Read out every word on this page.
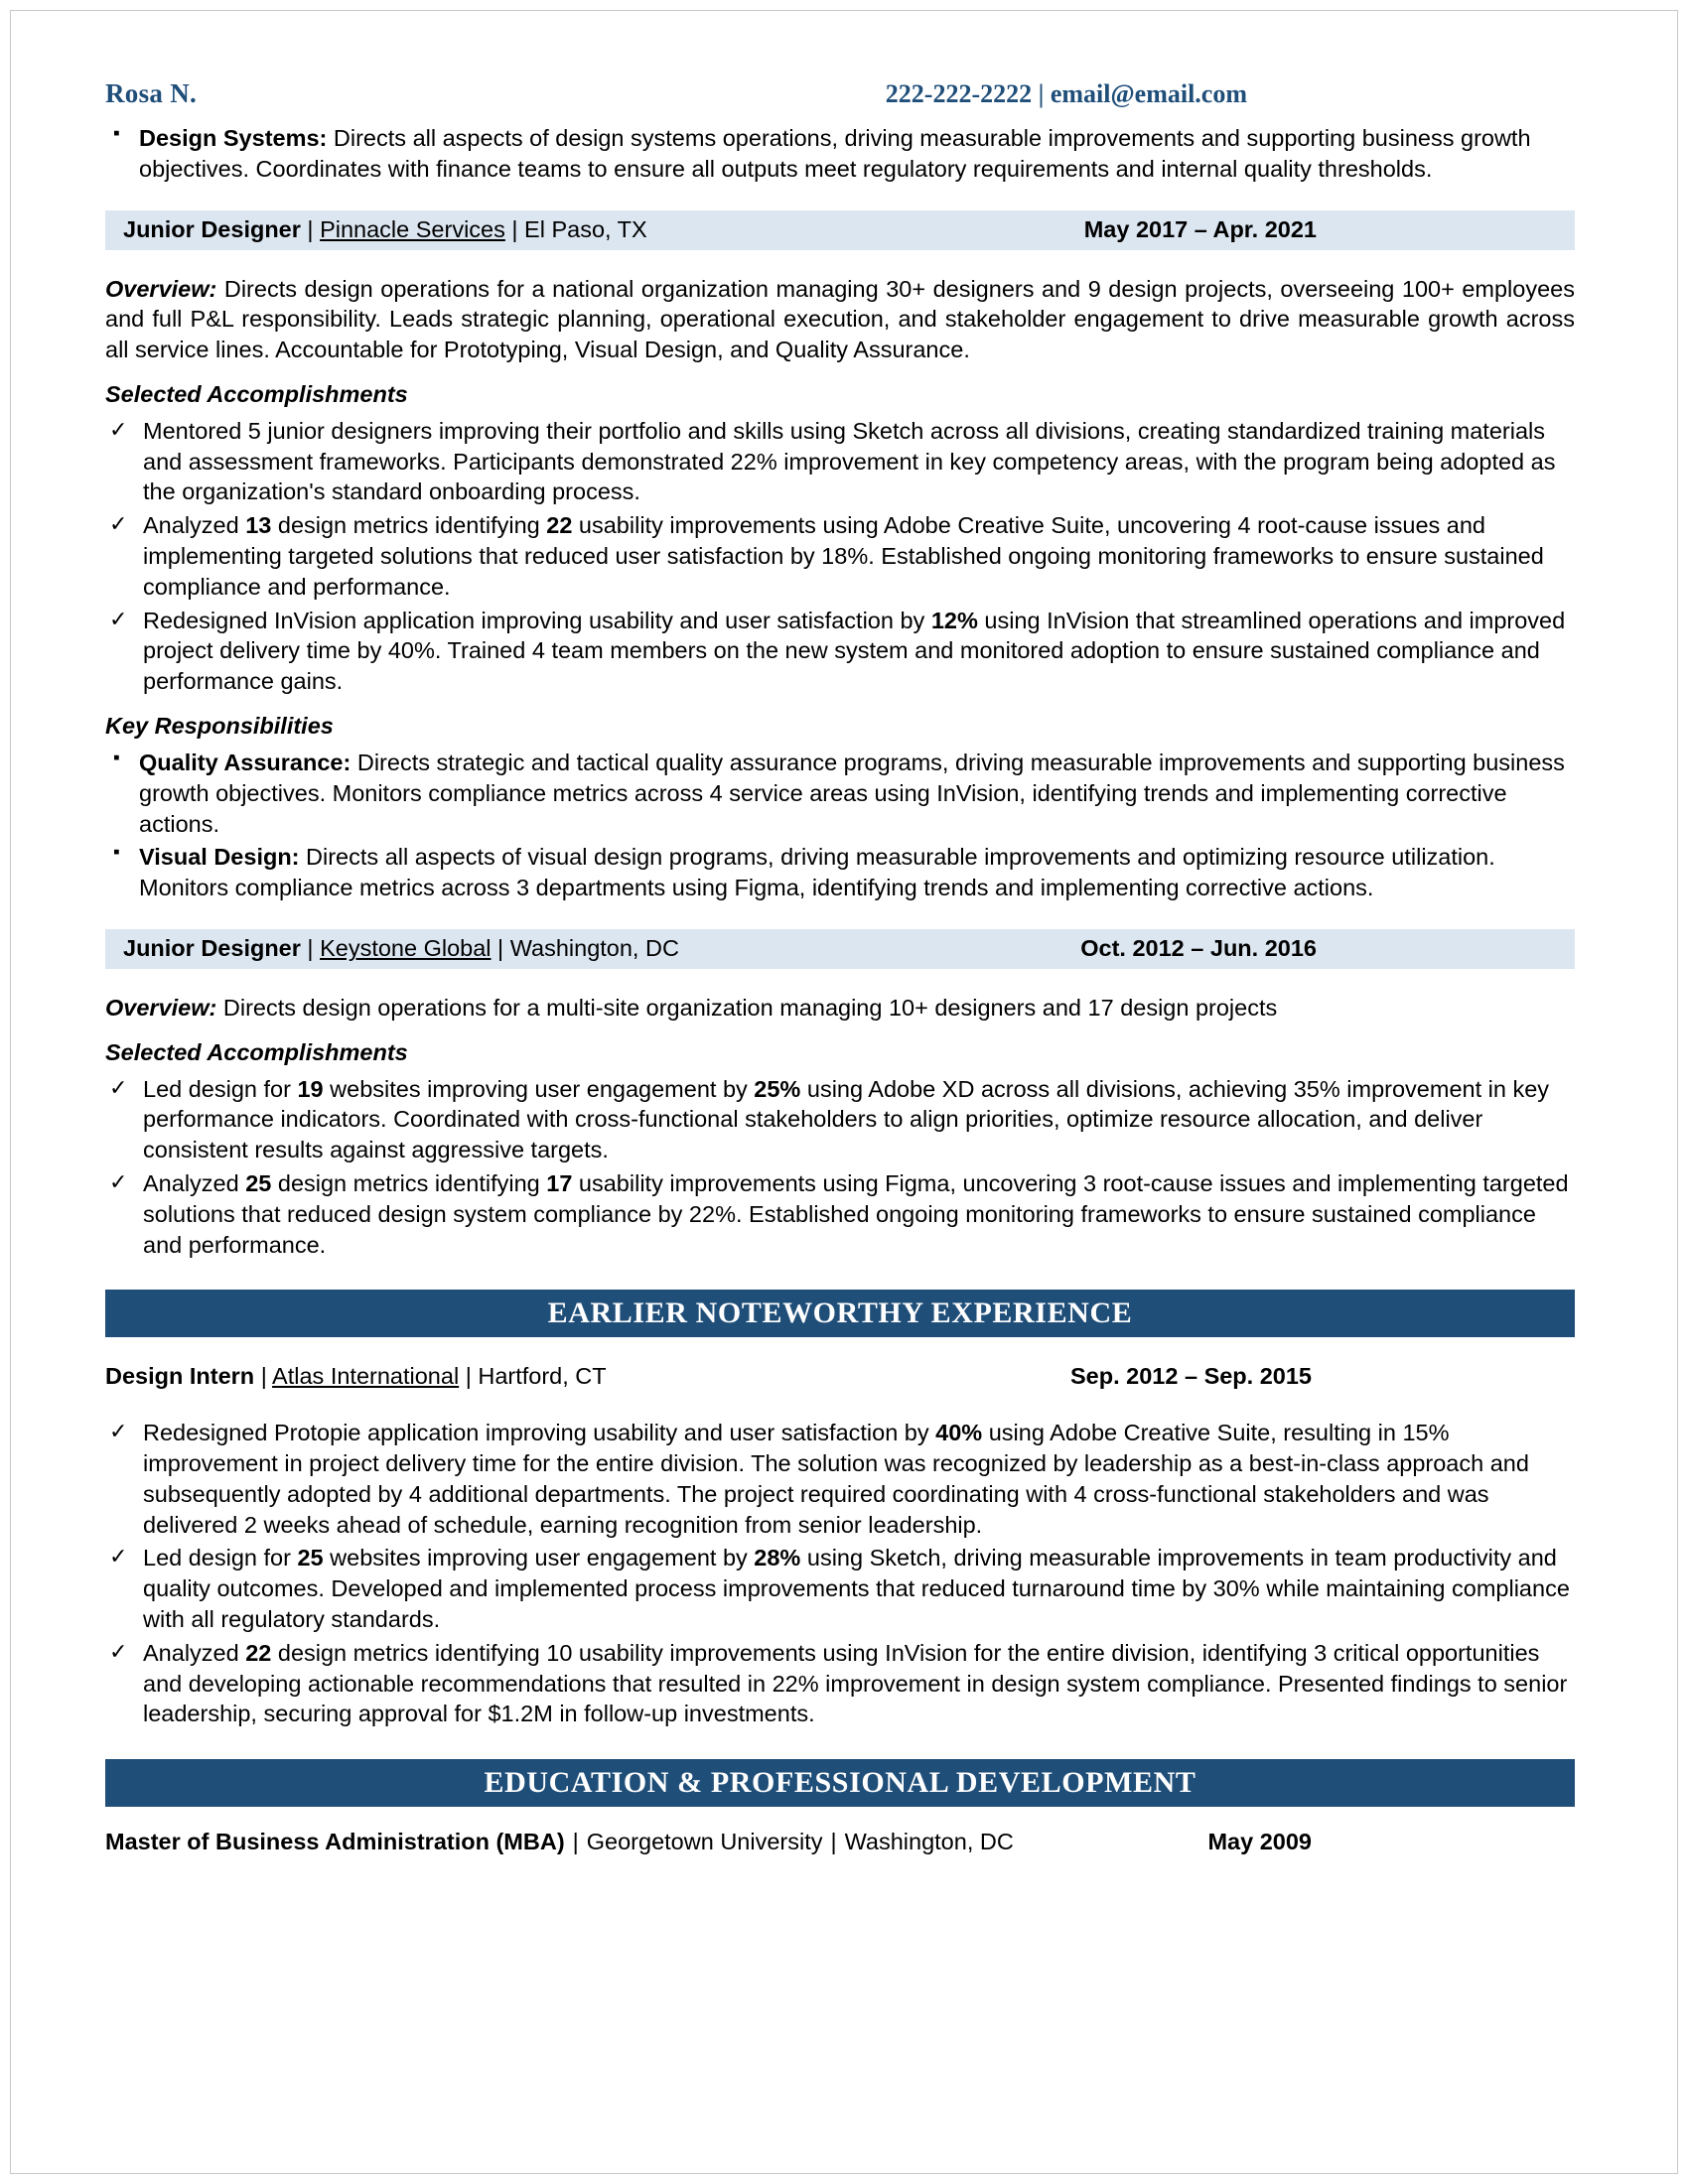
Rosa N.	222-222-2222 | email@email.com
▪ Design Systems: Directs all aspects of design systems operations, driving measurable improvements and supporting business growth objectives. Coordinates with finance teams to ensure all outputs meet regulatory requirements and internal quality thresholds.
Junior Designer | Pinnacle Services | El Paso, TX	May 2017 – Apr. 2021
Overview: Directs design operations for a national organization managing 30+ designers and 9 design projects, overseeing 100+ employees and full P&L responsibility. Leads strategic planning, operational execution, and stakeholder engagement to drive measurable growth across all service lines. Accountable for Prototyping, Visual Design, and Quality Assurance.
Selected Accomplishments
✓ Mentored 5 junior designers improving their portfolio and skills using Sketch across all divisions, creating standardized training materials and assessment frameworks. Participants demonstrated 22% improvement in key competency areas, with the program being adopted as the organization's standard onboarding process.
✓ Analyzed 13 design metrics identifying 22 usability improvements using Adobe Creative Suite, uncovering 4 root-cause issues and implementing targeted solutions that reduced user satisfaction by 18%. Established ongoing monitoring frameworks to ensure sustained compliance and performance.
✓ Redesigned InVision application improving usability and user satisfaction by 12% using InVision that streamlined operations and improved project delivery time by 40%. Trained 4 team members on the new system and monitored adoption to ensure sustained compliance and performance gains.
Key Responsibilities
▪ Quality Assurance: Directs strategic and tactical quality assurance programs, driving measurable improvements and supporting business growth objectives. Monitors compliance metrics across 4 service areas using InVision, identifying trends and implementing corrective actions.
▪ Visual Design: Directs all aspects of visual design programs, driving measurable improvements and optimizing resource utilization. Monitors compliance metrics across 3 departments using Figma, identifying trends and implementing corrective actions.
Junior Designer | Keystone Global | Washington, DC	Oct. 2012 – Jun. 2016
Overview: Directs design operations for a multi-site organization managing 10+ designers and 17 design projects
Selected Accomplishments
✓ Led design for 19 websites improving user engagement by 25% using Adobe XD across all divisions, achieving 35% improvement in key performance indicators. Coordinated with cross-functional stakeholders to align priorities, optimize resource allocation, and deliver consistent results against aggressive targets.
✓ Analyzed 25 design metrics identifying 17 usability improvements using Figma, uncovering 3 root-cause issues and implementing targeted solutions that reduced design system compliance by 22%. Established ongoing monitoring frameworks to ensure sustained compliance and performance.
EARLIER NOTEWORTHY EXPERIENCE
Design Intern | Atlas International | Hartford, CT	Sep. 2012 – Sep. 2015
✓ Redesigned Protopie application improving usability and user satisfaction by 40% using Adobe Creative Suite, resulting in 15% improvement in project delivery time for the entire division. The solution was recognized by leadership as a best-in-class approach and subsequently adopted by 4 additional departments. The project required coordinating with 4 cross-functional stakeholders and was delivered 2 weeks ahead of schedule, earning recognition from senior leadership.
✓ Led design for 25 websites improving user engagement by 28% using Sketch, driving measurable improvements in team productivity and quality outcomes. Developed and implemented process improvements that reduced turnaround time by 30% while maintaining compliance with all regulatory standards.
✓ Analyzed 22 design metrics identifying 10 usability improvements using InVision for the entire division, identifying 3 critical opportunities and developing actionable recommendations that resulted in 22% improvement in design system compliance. Presented findings to senior leadership, securing approval for $1.2M in follow-up investments.
EDUCATION & PROFESSIONAL DEVELOPMENT
Master of Business Administration (MBA) | Georgetown University | Washington, DC	May 2009
